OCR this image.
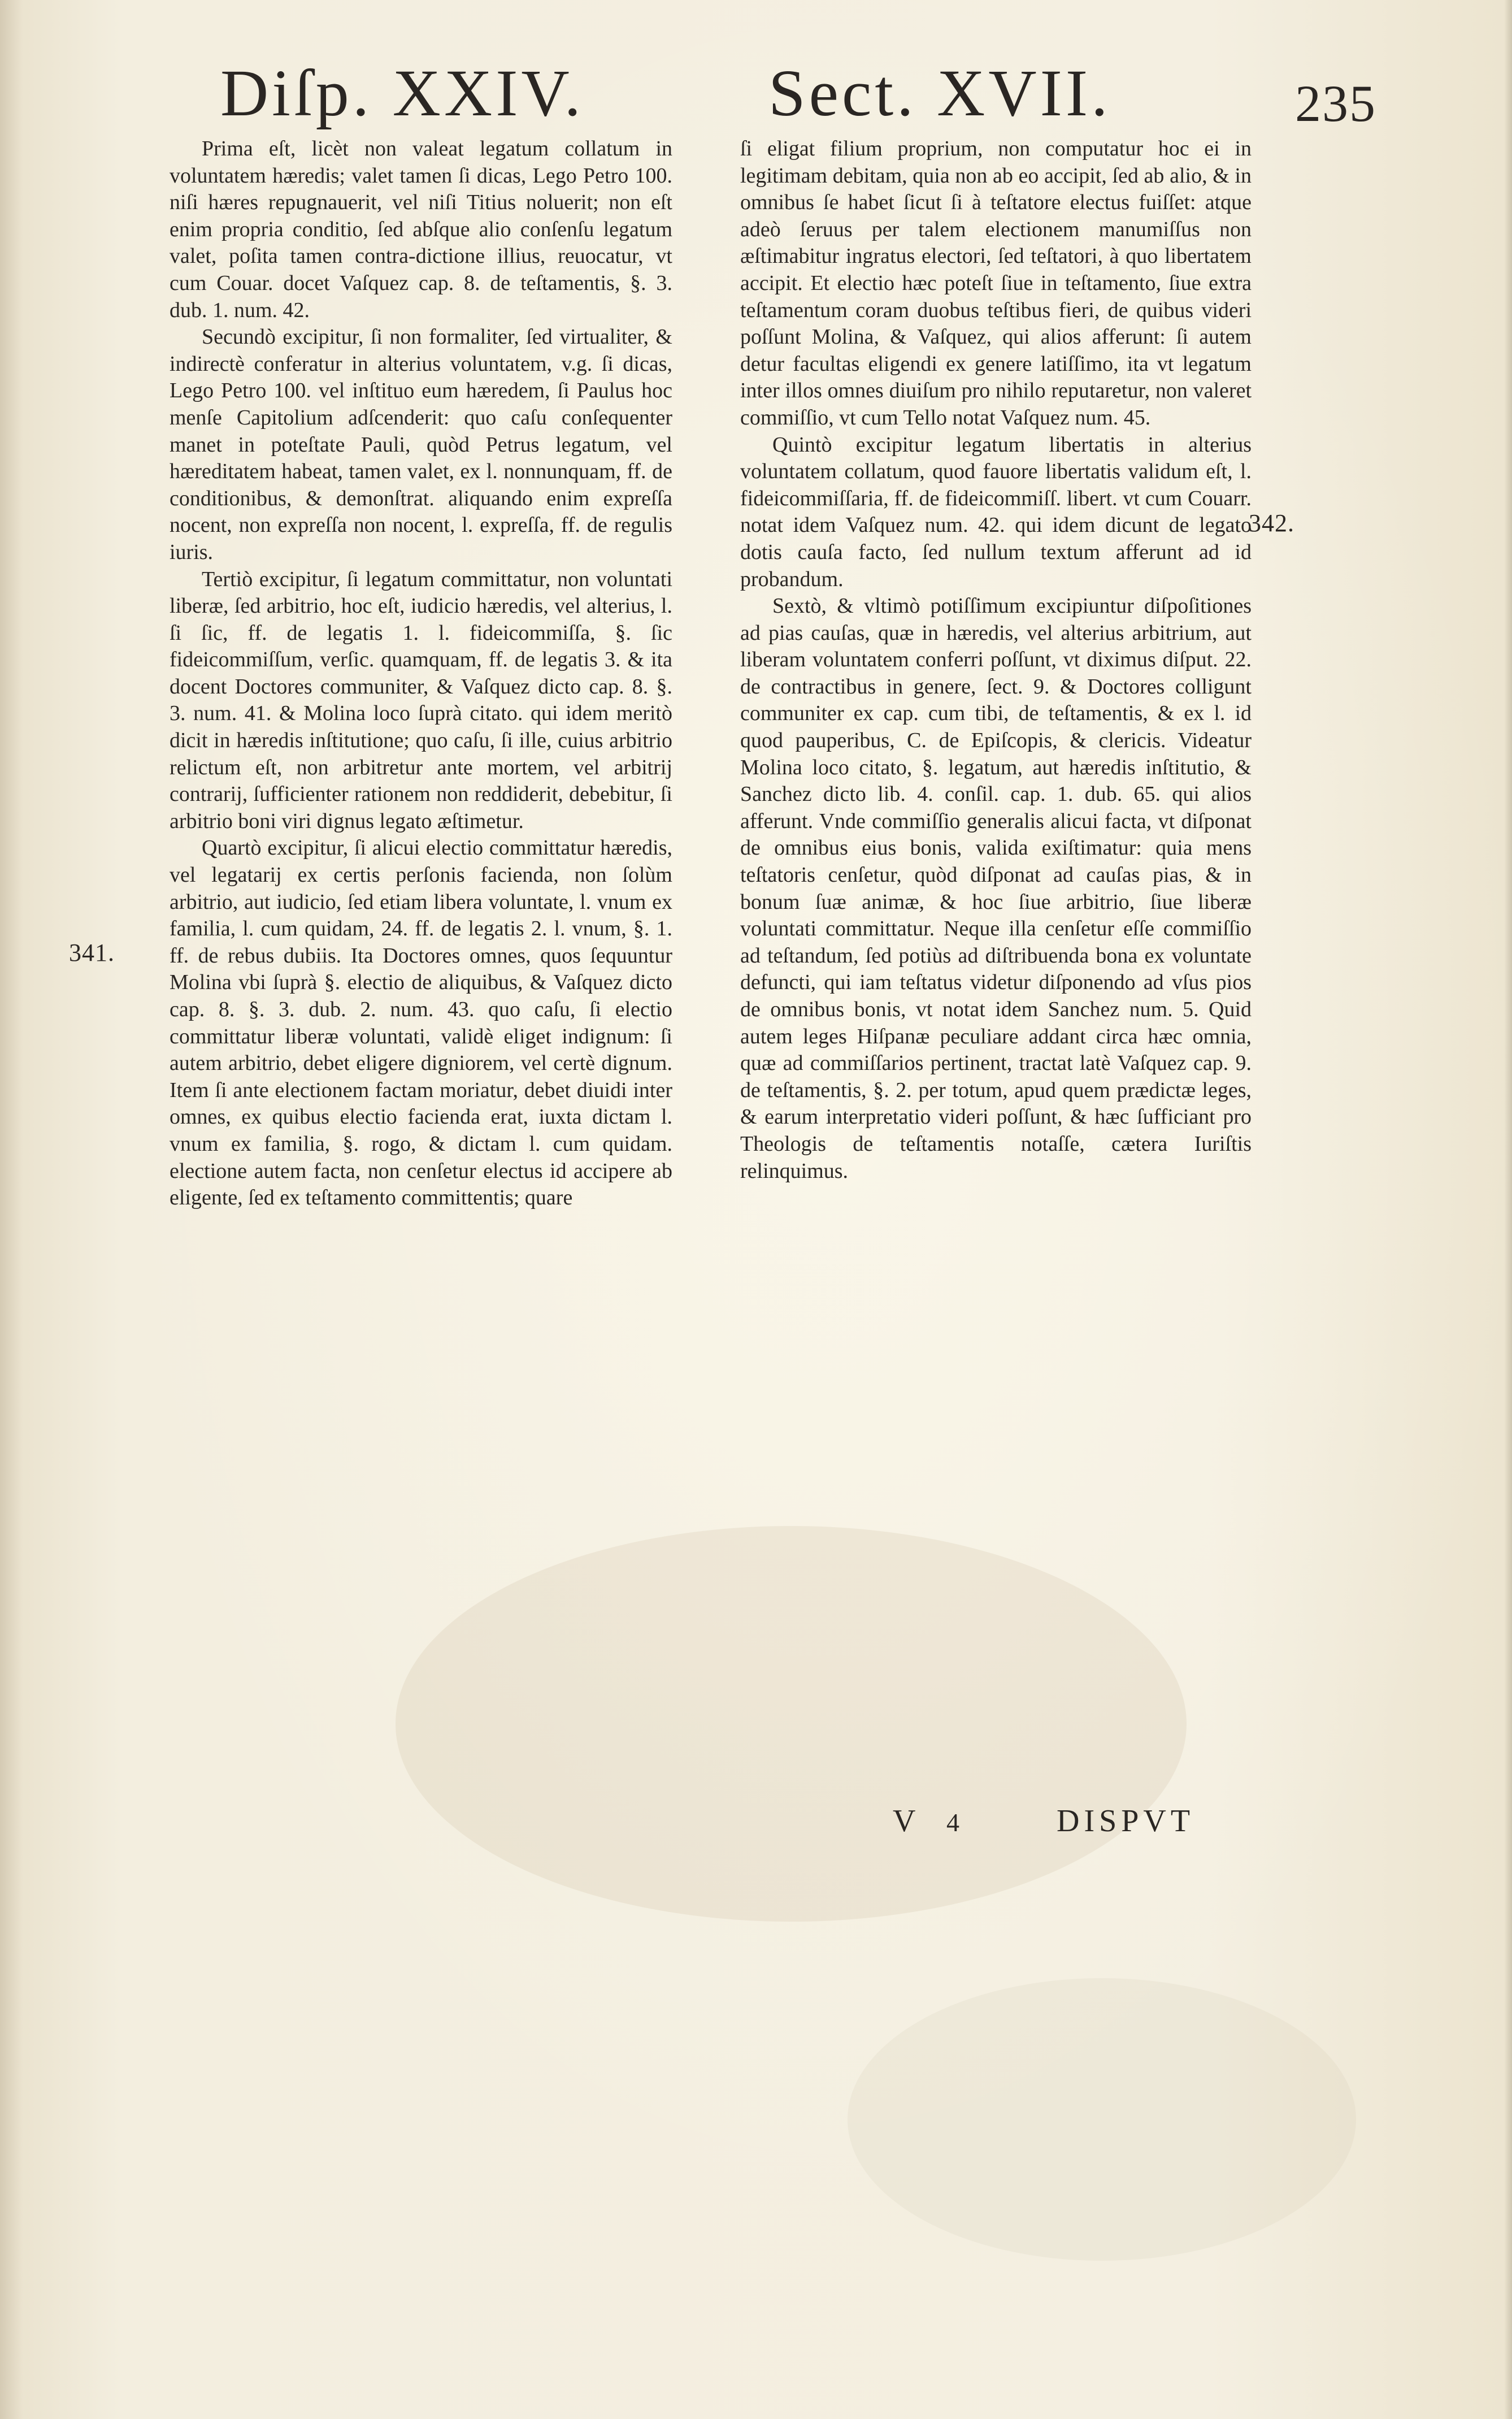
Diſp. XXIV.	Sect. XVII.	235

Prima eſt, licèt non valeat legatum collatum in voluntatem hæredis; valet tamen ſi dicas, Lego Petro 100. niſi hæres repugnauerit, vel niſi Titius noluerit; non eſt enim propria conditio, ſed abſque alio conſenſu legatum valet, poſita tamen contra-dictione illius, reuocatur, vt cum Couar. docet Vaſquez cap. 8. de teſtamentis, §. 3. dub. 1. num. 42.

Secundò excipitur, ſi non formaliter, ſed virtualiter, & indirectè conferatur in alterius voluntatem, v.g. ſi dicas, Lego Petro 100. vel inſtituo eum hæredem, ſi Paulus hoc menſe Capitolium adſcenderit: quo caſu conſequenter manet in poteſtate Pauli, quòd Petrus legatum, vel hæreditatem habeat, tamen valet, ex l. nonnunquam, ff. de conditionibus, & demonſtrat. aliquando enim expreſſa nocent, non expreſſa non nocent, l. expreſſa, ff. de regulis iuris.

Tertiò excipitur, ſi legatum committatur, non voluntati liberæ, ſed arbitrio, hoc eſt, iudicio hæredis, vel alterius, l. ſi ſic, ff. de legatis 1. l. fideicommiſſa, §. ſic fideicommiſſum, verſic. quamquam, ff. de legatis 3. & ita docent Doctores communiter, & Vaſquez dicto cap. 8. §. 3. num. 41. & Molina loco ſuprà citato. qui idem meritò dicit in hæredis inſtitutione; quo caſu, ſi ille, cuius arbitrio relictum eſt, non arbitretur ante mortem, vel arbitrij contrarij, ſufficienter rationem non reddiderit, debebitur, ſi arbitrio boni viri dignus legato æſtimetur.

Quartò excipitur, ſi alicui electio committatur hæredis, vel legatarij ex certis perſonis facienda, non ſolùm arbitrio, aut iudicio, ſed etiam libera voluntate, l. vnum ex familia, l. cum quidam, 24. ff. de legatis 2. l. vnum, §. 1. ff. de rebus dubiis. Ita Doctores omnes, quos ſequuntur Molina vbi ſuprà §. electio de aliquibus, & Vaſquez dicto cap. 8. §. 3. dub. 2. num. 43. quo caſu, ſi electio committatur liberæ voluntati, validè eliget indignum: ſi autem arbitrio, debet eligere digniorem, vel certè dignum. Item ſi ante electionem factam moriatur, debet diuidi inter omnes, ex quibus electio facienda erat, iuxta dictam l. vnum ex familia, §. rogo, & dictam l. cum quidam. electione autem facta, non cenſetur electus id accipere ab eligente, ſed ex teſtamento committentis; quare

ſi eligat filium proprium, non computatur hoc ei in legitimam debitam, quia non ab eo accipit, ſed ab alio, & in omnibus ſe habet ſicut ſi à teſtatore electus fuiſſet: atque adeò ſeruus per talem electionem manumiſſus non æſtimabitur ingratus electori, ſed teſtatori, à quo libertatem accipit. Et electio hæc poteſt ſiue in teſtamento, ſiue extra teſtamentum coram duobus teſtibus fieri, de quibus videri poſſunt Molina, & Vaſquez, qui alios afferunt: ſi autem detur facultas eligendi ex genere latiſſimo, ita vt legatum inter illos omnes diuiſum pro nihilo reputaretur, non valeret commiſſio, vt cum Tello notat Vaſquez num. 45.

Quintò excipitur legatum libertatis in alterius voluntatem collatum, quod fauore libertatis validum eſt, l. fideicommiſſaria, ff. de fideicommiſſ. libert. vt cum Couarr. notat idem Vaſquez num. 42. qui idem dicunt de legato dotis cauſa facto, ſed nullum textum afferunt ad id probandum.

Sextò, & vltimò potiſſimum excipiuntur diſpoſitiones ad pias cauſas, quæ in hæredis, vel alterius arbitrium, aut liberam voluntatem conferri poſſunt, vt diximus diſput. 22. de contractibus in genere, ſect. 9. & Doctores colligunt communiter ex cap. cum tibi, de teſtamentis, & ex l. id quod pauperibus, C. de Epiſcopis, & clericis. Videatur Molina loco citato, §. legatum, aut hæredis inſtitutio, & Sanchez dicto lib. 4. conſil. cap. 1. dub. 65. qui alios afferunt. Vnde commiſſio generalis alicui facta, vt diſponat de omnibus eius bonis, valida exiſtimatur: quia mens teſtatoris cenſetur, quòd diſponat ad cauſas pias, & in bonum ſuæ animæ, & hoc ſiue arbitrio, ſiue liberæ voluntati committatur. Neque illa cenſetur eſſe commiſſio ad teſtandum, ſed potiùs ad diſtribuenda bona ex voluntate defuncti, qui iam teſtatus videtur diſponendo ad vſus pios de omnibus bonis, vt notat idem Sanchez num. 5. Quid autem leges Hiſpanæ peculiare addant circa hæc omnia, quæ ad commiſſarios pertinent, tractat latè Vaſquez cap. 9. de teſtamentis, §. 2. per totum, apud quem prædictæ leges, & earum interpretatio videri poſſunt, & hæc ſufficiant pro Theologis de teſtamentis notaſſe, cætera Iuriſtis relinquimus.

341.
342.
V 4	DISPVT
